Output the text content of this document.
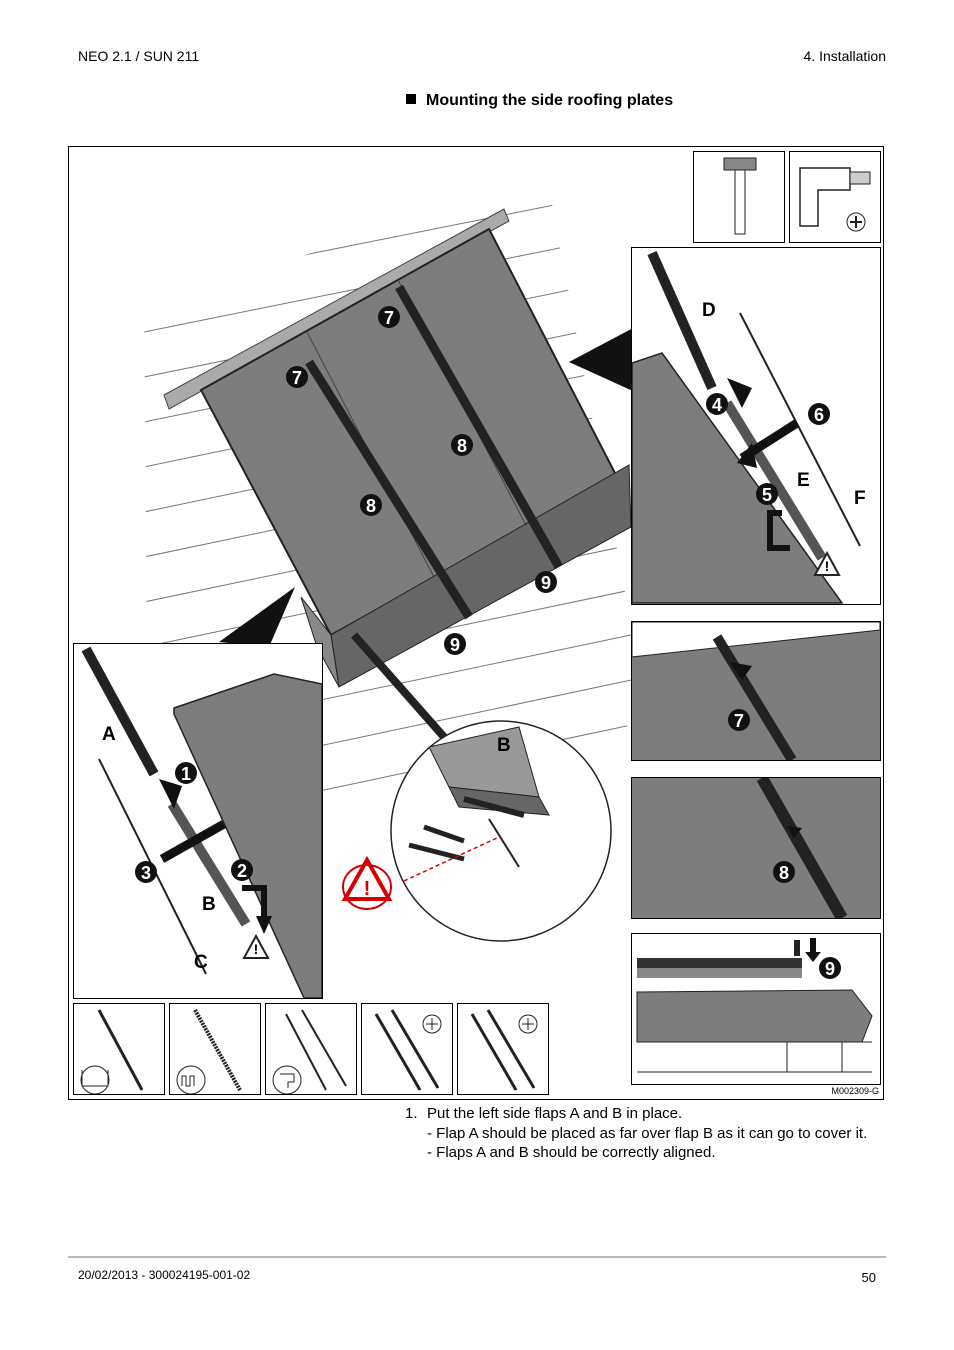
NEO 2.1 / SUN 211	4. Installation
Mounting the side roofing plates
!
B
7
7
8
8
9
9
!
D
E
F
4
5
6
7
8
9
!
A
B
C
1
2
3
M002309-G
1. Put the left side flaps A and B in place.
- Flap A should be placed as far over flap B as it can go to cover it.
- Flaps A and B should be correctly aligned.
20/02/2013 - 300024195-001-02	50
